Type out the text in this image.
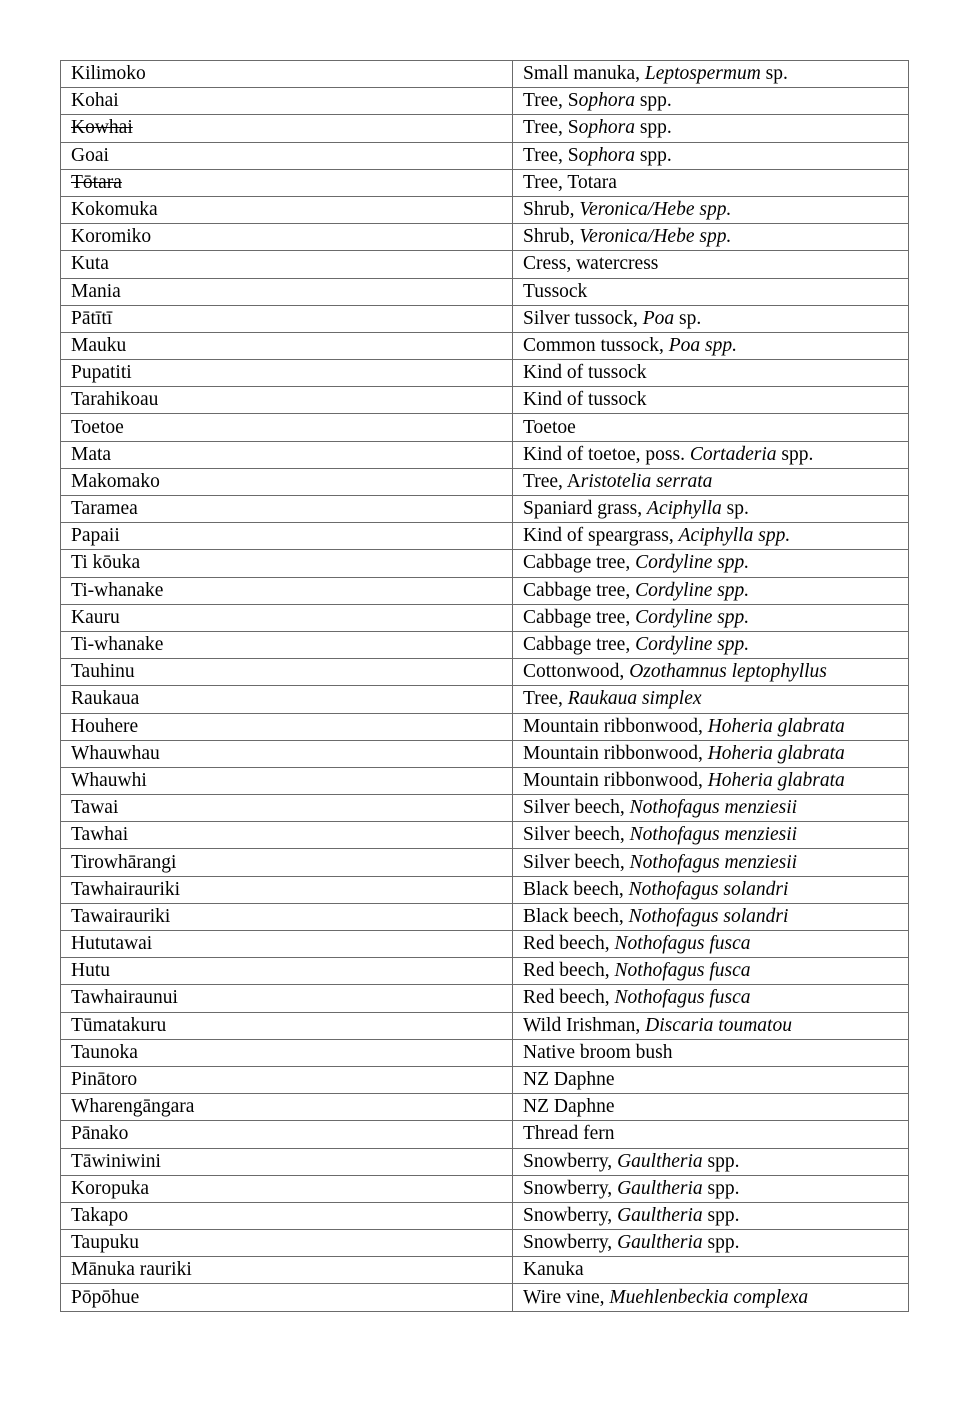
Kilimoko	Small manuka, Leptospermum sp.
Kohai	Tree, Sophora spp.
Kowhai	Tree, Sophora spp.
Goai	Tree, Sophora spp.
Tōtara	Tree, Totara
Kokomuka	Shrub, Veronica/Hebe spp.
Koromiko	Shrub, Veronica/Hebe spp.
Kuta	Cress, watercress
Mania	Tussock
Pātītī	Silver tussock, Poa sp.
Mauku	Common tussock, Poa spp.
Pupatiti	Kind of tussock
Tarahikoau	Kind of tussock
Toetoe	Toetoe
Mata	Kind of toetoe, poss. Cortaderia spp.
Makomako	Tree, Aristotelia serrata
Taramea	Spaniard grass, Aciphylla sp.
Papaii	Kind of speargrass, Aciphylla spp.
Ti kōuka	Cabbage tree, Cordyline spp.
Ti-whanake	Cabbage tree, Cordyline spp.
Kauru	Cabbage tree, Cordyline spp.
Ti-whanake	Cabbage tree, Cordyline spp.
Tauhinu	Cottonwood, Ozothamnus leptophyllus
Raukaua	Tree, Raukaua simplex
Houhere	Mountain ribbonwood, Hoheria glabrata
Whauwhau	Mountain ribbonwood, Hoheria glabrata
Whauwhi	Mountain ribbonwood, Hoheria glabrata
Tawai	Silver beech, Nothofagus menziesii
Tawhai	Silver beech, Nothofagus menziesii
Tirowhārangi	Silver beech, Nothofagus menziesii
Tawhairauriki	Black beech, Nothofagus solandri
Tawairauriki	Black beech, Nothofagus solandri
Hututawai	Red beech, Nothofagus fusca
Hutu	Red beech, Nothofagus fusca
Tawhairaunui	Red beech, Nothofagus fusca
Tūmatakuru	Wild Irishman, Discaria toumatou
Taunoka	Native broom bush
Pinātoro	NZ Daphne
Wharengāngara	NZ Daphne
Pānako	Thread fern
Tāwiniwini	Snowberry, Gaultheria spp.
Koropuka	Snowberry, Gaultheria spp.
Takapo	Snowberry, Gaultheria spp.
Taupuku	Snowberry, Gaultheria spp.
Mānuka rauriki	Kanuka
Pōpōhue	Wire vine, Muehlenbeckia complexa
